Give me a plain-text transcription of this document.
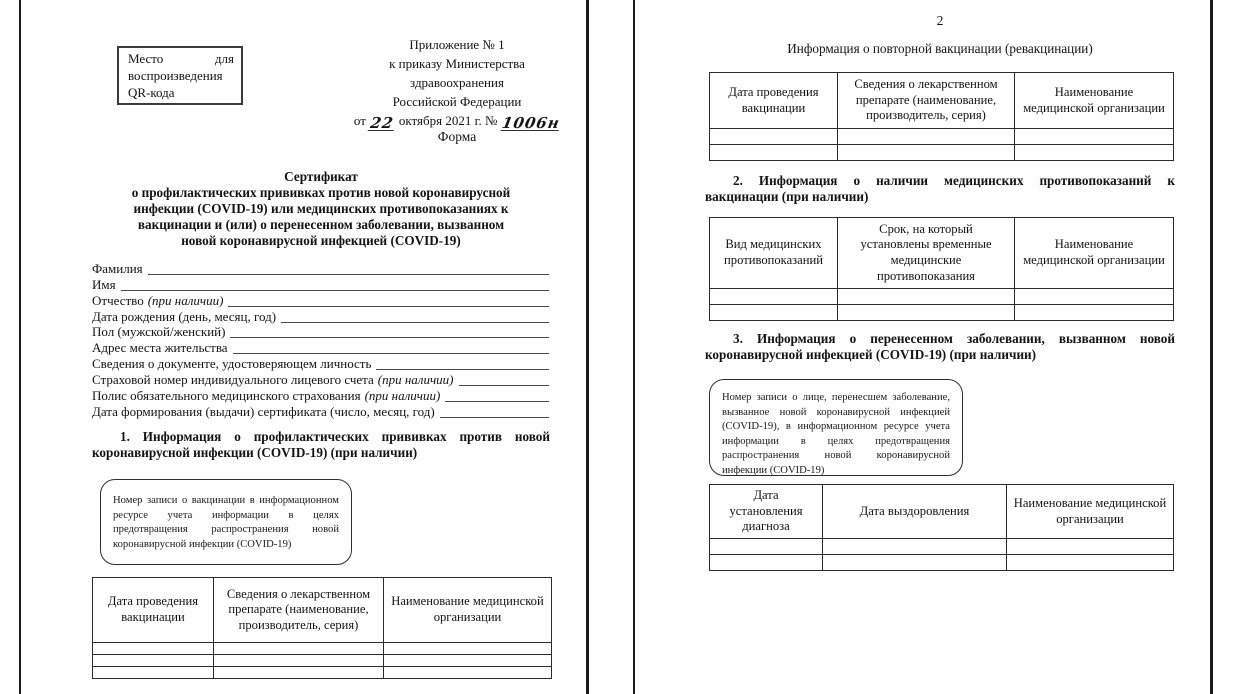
Место	для
воспроизведения
QR-кода
Приложение № 1
к приказу Министерства
здравоохранения
Российской Федерации
от 22 октября 2021 г. № 1006н
Форма
Сертификат
о профилактических прививках против новой коронавирусной
инфекции (COVID-19) или медицинских противопоказаниях к
вакцинации и (или) о перенесенном заболевании, вызванном
новой коронавирусной инфекцией (COVID-19)
Фамилия
Имя
Отчество (при наличии)
Дата рождения (день, месяц, год)
Пол (мужской/женский)
Адрес места жительства
Сведения о документе, удостоверяющем личность
Страховой номер индивидуального лицевого счета (при наличии)
Полис обязательного медицинского страхования (при наличии)
Дата формирования (выдачи) сертификата (число, месяц, год)
1. Информация о профилактических прививках против новой коронавирусной инфекции (COVID-19) (при наличии)
Номер записи о вакцинации в информационном ресурсе учета информации в целях предотвращения распространения новой коронавирусной инфекции (COVID-19)
Дата проведения вакцинации	Сведения о лекарственном препарате (наименование, производитель, серия)	Наименование медицинской организации

2
Информация о повторной вакцинации (ревакцинации)
Дата проведения вакцинации	Сведения о лекарственном препарате (наименование, производитель, серия)	Наименование медицинской организации

2. Информация о наличии медицинских противопоказаний к вакцинации (при наличии)
Вид медицинских противопоказаний	Срок, на который установлены временные медицинские противопоказания	Наименование медицинской организации

3. Информация о перенесенном заболевании, вызванном новой коронавирусной инфекцией (COVID-19) (при наличии)
Номер записи о лице, перенесшем заболевание, вызванное новой коронавирусной инфекцией (COVID-19), в информационном ресурсе учета информации в целях предотвращения распространения новой коронавирусной инфекции (COVID-19)
Дата установления диагноза	Дата выздоровления	Наименование медицинской организации
